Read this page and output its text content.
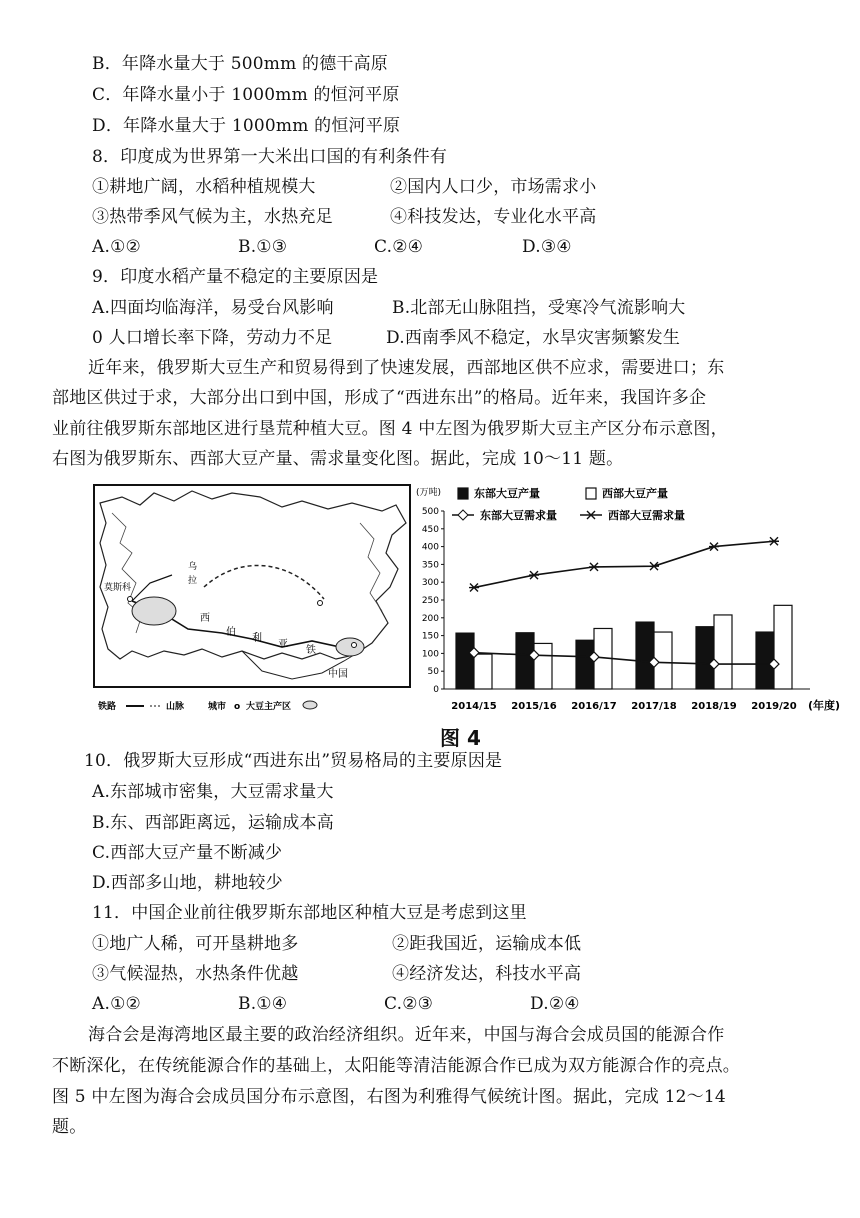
B．年降水量大于 500mm 的德干高原
C．年降水量小于 1000mm 的恒河平原
D．年降水量大于 1000mm 的恒河平原
8．印度成为世界第一大米出口国的有利条件有
①耕地广阔，水稻种植规模大	②国内人口少，市场需求小
③热带季风气候为主，水热充足	④科技发达，专业化水平高
A.①②	B.①③	C.②④	D.③④
9．印度水稻产量不稳定的主要原因是
A.四面均临海洋，易受台风影响	B.北部无山脉阻挡，受寒冷气流影响大
0 人口增长率下降，劳动力不足	D.西南季风不稳定，水旱灾害频繁发生
近年来，俄罗斯大豆生产和贸易得到了快速发展，西部地区供不应求，需要进口；东
部地区供过于求，大部分出口到中国，形成了“西进东出”的格局。近年来，我国许多企
业前往俄罗斯东部地区进行垦荒种植大豆。图 4 中左图为俄罗斯大豆主产区分布示意图，
右图为俄罗斯东、西部大豆产量、需求量变化图。据此，完成 10～11 题。
莫斯科
乌
拉
西
伯
利
亚
铁
中国
铁路	山脉	城市 o 大豆主产区
(万吨)
0
50
100
150
200
250
300
350
400
450
500
2014/15 2015/16 2016/17 2017/18 2018/19 2019/20 (年度)
东部大豆产量	西部大豆产量
东部大豆需求量	西部大豆需求量
图 4
10．俄罗斯大豆形成“西进东出”贸易格局的主要原因是
A.东部城市密集，大豆需求量大
B.东、西部距离远，运输成本高
C.西部大豆产量不断减少
D.西部多山地，耕地较少
11．中国企业前往俄罗斯东部地区种植大豆是考虑到这里
①地广人稀，可开垦耕地多	②距我国近，运输成本低
③气候湿热，水热条件优越	④经济发达，科技水平高
A.①②	B.①④	C.②③	D.②④
海合会是海湾地区最主要的政治经济组织。近年来，中国与海合会成员国的能源合作
不断深化，在传统能源合作的基础上，太阳能等清洁能源合作已成为双方能源合作的亮点。
图 5 中左图为海合会成员国分布示意图，右图为利雅得气候统计图。据此，完成 12～14
题。
